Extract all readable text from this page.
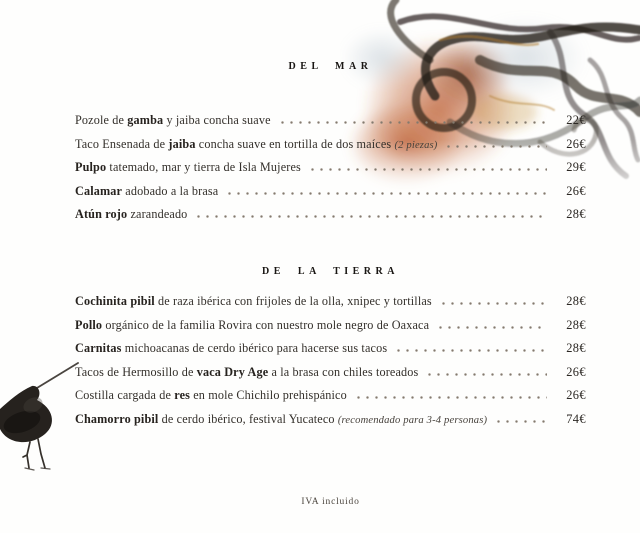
DEL MAR
Pozole de gamba y jaiba concha suave	22€
Taco Ensenada de jaiba concha suave en tortilla de dos maíces (2 piezas)	26€
Pulpo tatemado, mar y tierra de Isla Mujeres	29€
Calamar adobado a la brasa	26€
Atún rojo zarandeado	28€
DE LA TIERRA
Cochinita pibil de raza ibérica con frijoles de la olla, xnipec y tortillas	28€
Pollo orgánico de la familia Rovira con nuestro mole negro de Oaxaca	28€
Carnitas michoacanas de cerdo ibérico para hacerse sus tacos	28€
Tacos de Hermosillo de vaca Dry Age a la brasa con chiles toreados	26€
Costilla cargada de res en mole Chichilo prehispánico	26€
Chamorro pibil de cerdo ibérico, festival Yucateco (recomendado para 3-4 personas)	74€
IVA incluido
